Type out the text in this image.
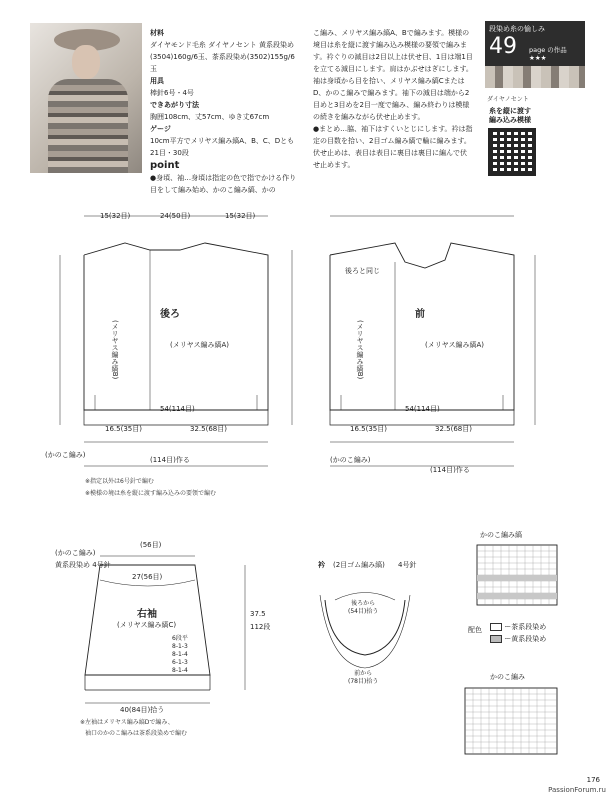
材料
ダイヤモンド毛糸 ダイヤノセント 黄系段染め(3504)160g/6玉、茶系段染め(3502)155g/6玉
用具
棒針6号・4号
できあがり寸法
胸囲108cm、丈57cm、ゆき丈67cm
ゲージ
10cm平方でメリヤス編み縞A、B、C、Dとも21目・30段
point
●身頃、袖…身頃は指定の色で指でかける作り目をして編み始め、かのこ編み縞、かの
こ編み、メリヤス編み縞A、Bで編みます。模様の境目は糸を縦に渡す編み込み模様の要領で編みます。衿ぐりの減目は2目以上は伏せ目、1目は端1目を立てる減目にします。肩はかぶせはぎにします。袖は身頃から目を拾い、メリヤス編み縞Cまたは D、かのこ編みで編みます。袖下の減目は端から2目めと3目めを2目一度で編み、編み終わりは模様の続きを編みながら伏せ止めます。
●まとめ…脇、袖下はすくいとじにします。衿は指定の目数を拾い、2目ゴム編み縞で輪に編みます。伏せ止めは、表目は表目に裏目は裏目に編んで伏せ止めます。
段染め糸の愉しみ
49 page の作品 ★★★
ダイヤノセント
糸を縦に渡す
編み込み模様
15(32目)	24(50目)	15(32目)
後ろ
(メリヤス編み縞A)
(メリヤス編み縞B)
54(114目)
16.5(35目)	32.5(68目)
(かのこ編み)
(114目)作る
前
(メリヤス編み縞A)
(メリヤス編み縞B)
後ろと同じ
54(114目)
16.5(35目)	32.5(68目)
(かのこ編み)
(114目)作る
※指定以外は6号針で編む
※模様の境は糸を縦に渡す編み込みの要領で編む
(かのこ編み)
黄系段染め 4号針
(56目)
27(56目)
右袖
(メリヤス編み縞C)
6段平
8-1-3
8-1-4
6-1-3
8-1-4
37.5
112段
40(84目)拾う
※左袖はメリヤス編み縞Dで編み、
袖口のかのこ編みは茶系段染めで編む
衿 (2目ゴム編み縞) 4号針
後ろから
(54目)拾う
前から
(78目)拾う
かのこ編み縞
配色	ー茶系段染め
ー黄系段染め
かのこ編み
176
PassionForum.ru
